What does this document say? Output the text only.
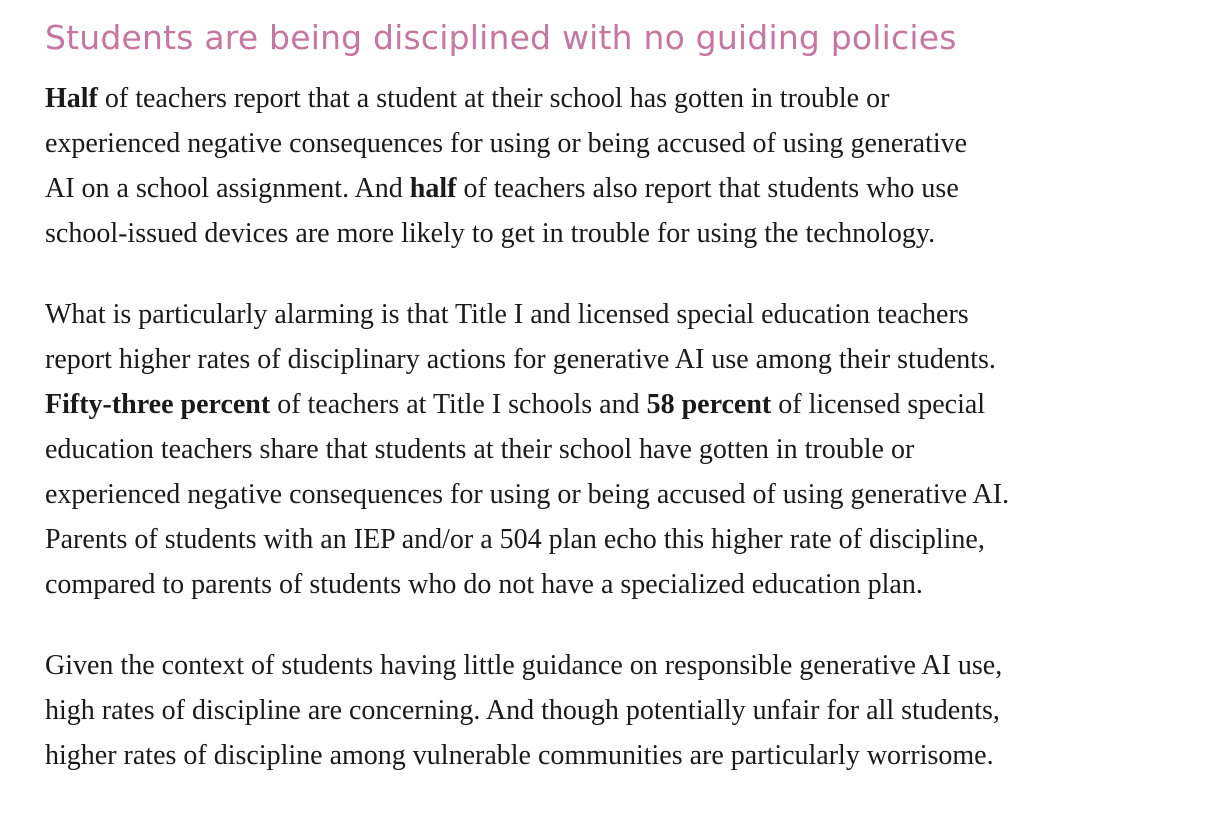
Students are being disciplined with no guiding policies

Half of teachers report that a student at their school has gotten in trouble or
experienced negative consequences for using or being accused of using generative
AI on a school assignment. And half of teachers also report that students who use
school-issued devices are more likely to get in trouble for using the technology.

What is particularly alarming is that Title I and licensed special education teachers
report higher rates of disciplinary actions for generative AI use among their students.
Fifty-three percent of teachers at Title I schools and 58 percent of licensed special
education teachers share that students at their school have gotten in trouble or
experienced negative consequences for using or being accused of using generative AI.
Parents of students with an IEP and/or a 504 plan echo this higher rate of discipline,
compared to parents of students who do not have a specialized education plan.

Given the context of students having little guidance on responsible generative AI use,
high rates of discipline are concerning. And though potentially unfair for all students,
higher rates of discipline among vulnerable communities are particularly worrisome.
